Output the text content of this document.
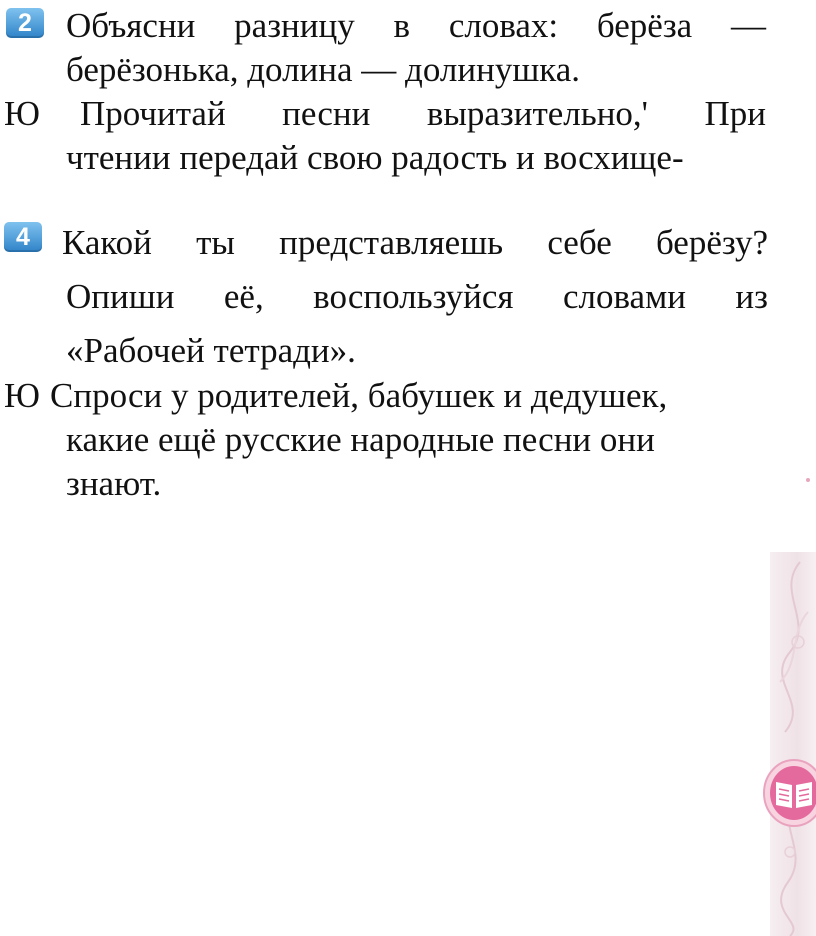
2 Объясни разницу в словах: берёза —
берёзонька, долина — долинушка.
Ю Прочитай песни выразительно,' При
чтении передай свою радость и восхище-
4 Какой ты представляешь себе берёзу?
Опиши её, воспользуйся словами из
«Рабочей тетради».
Ю Спроси у родителей, бабушек и дедушек,
какие ещё русские народные песни они
знают.
